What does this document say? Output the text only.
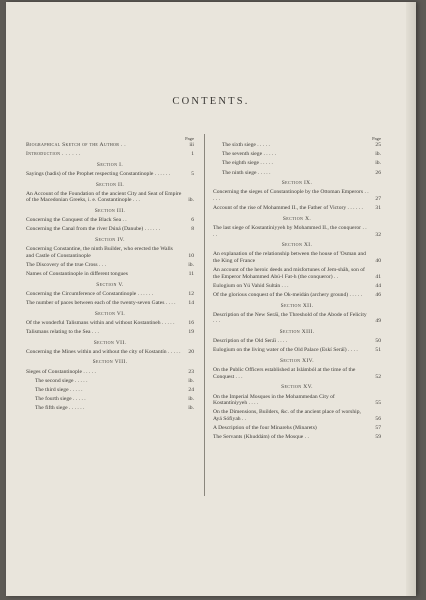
CONTENTS.
Page
Biographical Sketch of the Author . .	iii
Introduction . . . . . .	1
Section I.
Sayings (hadis) of the Prophet respecting Constantinople . . . . . .	5
Section II.
An Account of the Foundation of the ancient City and Seat of Empire of the Macedonian Greeks, i. e. Constantinople . . .	ib.
Section III.
Concerning the Conquest of the Black Sea . .	6
Concerning the Canal from the river Dúná (Danube) . . . . . .	8
Section IV.
Concerning Constantine, the ninth Builder, who erected the Walls and Castle of Constantinople	10
The Discovery of the true Cross . . .	ib.
Names of Constantinople in different tongues	11
Section V.
Concerning the Circumference of Constantinople . . . . . .	12
The number of paces between each of the twenty-seven Gates . . . .	14
Section VI.
Of the wonderful Talismans within and without Kostantineh . . . . .	16
Talismans relating to the Sea . . .	19
Section VII.
Concerning the Mines within and without the city of Kostantín . . . . .	20
Section VIII.
Sieges of Constantinople . . . . .	23
The second siege . . . . .	ib.
The third siege . . . . .	24
The fourth siege . . . . .	ib.
The fifth siege . . . . . .	ib.
Page
The sixth siege . . . . .	25
The seventh siege . . . . .	ib.
The eighth siege . . . . .	ib.
The ninth siege . . . . .	26
Section IX.
Concerning the sieges of Constantinople by the Ottoman Emperors . . . . .	27
Account of the rise of Mohammed II., the Father of Victory . . . . . .	31
Section X.
The last siege of Kostantíniyyeh by Mohammed II., the conqueror . . . .	32
Section XI.
An explanation of the relationship between the house of 'Osman and the King of France	40
An account of the heroic deeds and misfortunes of Jem-shâh, son of the Emperor Mohammed Abú-l Fat-h (the conqueror) . .	41
Eulogium on Yú Vahid Sultán . . .	44
Of the glorious conquest of the Ok-meidán (archery ground) . . . . .	46
Section XII.
Description of the New Seráï, the Threshold of the Abode of Felicity . . .	49
Section XIII.
Description of the Old Seráï . . . .	50
Eulogium on the living water of the Old Palace (Eskí Seráï) . . . .	51
Section XIV.
On the Public Officers established at Islámból at the time of the Conquest . . .	52
Section XV.
On the Imperial Mosques in the Mohammedan City of Kostantíniyyeh . . . .	55
On the Dimensions, Builders, &c. of the ancient place of worship, Ayá Sófiyah . .	56
A Description of the four Minarehs (Minarets)	57
The Servants (Khuddám) of the Mosque . .	59
